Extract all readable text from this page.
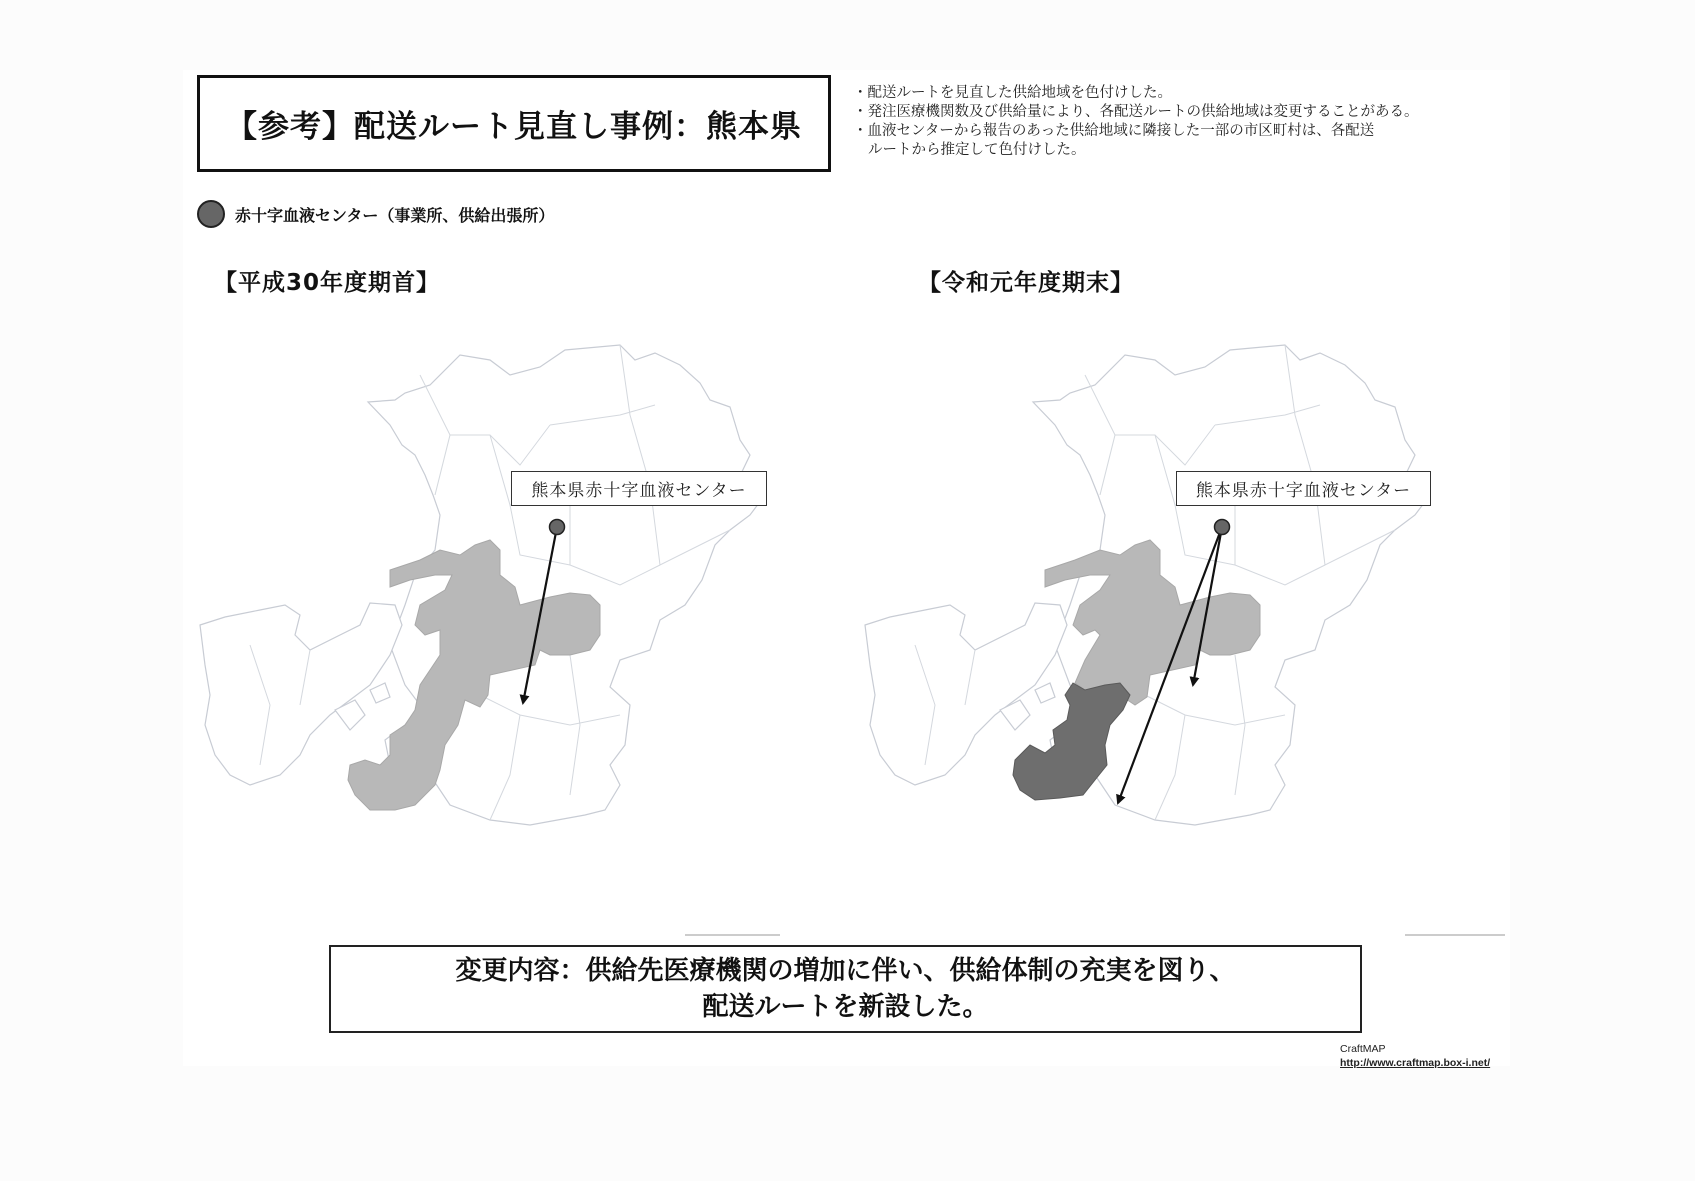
【参考】配送ルート見直し事例：熊本県
・配送ルートを見直した供給地域を色付けした。
・発注医療機関数及び供給量により、各配送ルートの供給地域は変更することがある。
・血液センターから報告のあった供給地域に隣接した一部の市区町村は、各配送
ルートから推定して色付けした。
赤十字血液センター（事業所、供給出張所）
【平成30年度期首】	【令和元年度期末】
熊本県赤十字血液センター	熊本県赤十字血液センター
変更内容：供給先医療機関の増加に伴い、供給体制の充実を図り、
配送ルートを新設した。
CraftMAP
http://www.craftmap.box-i.net/
